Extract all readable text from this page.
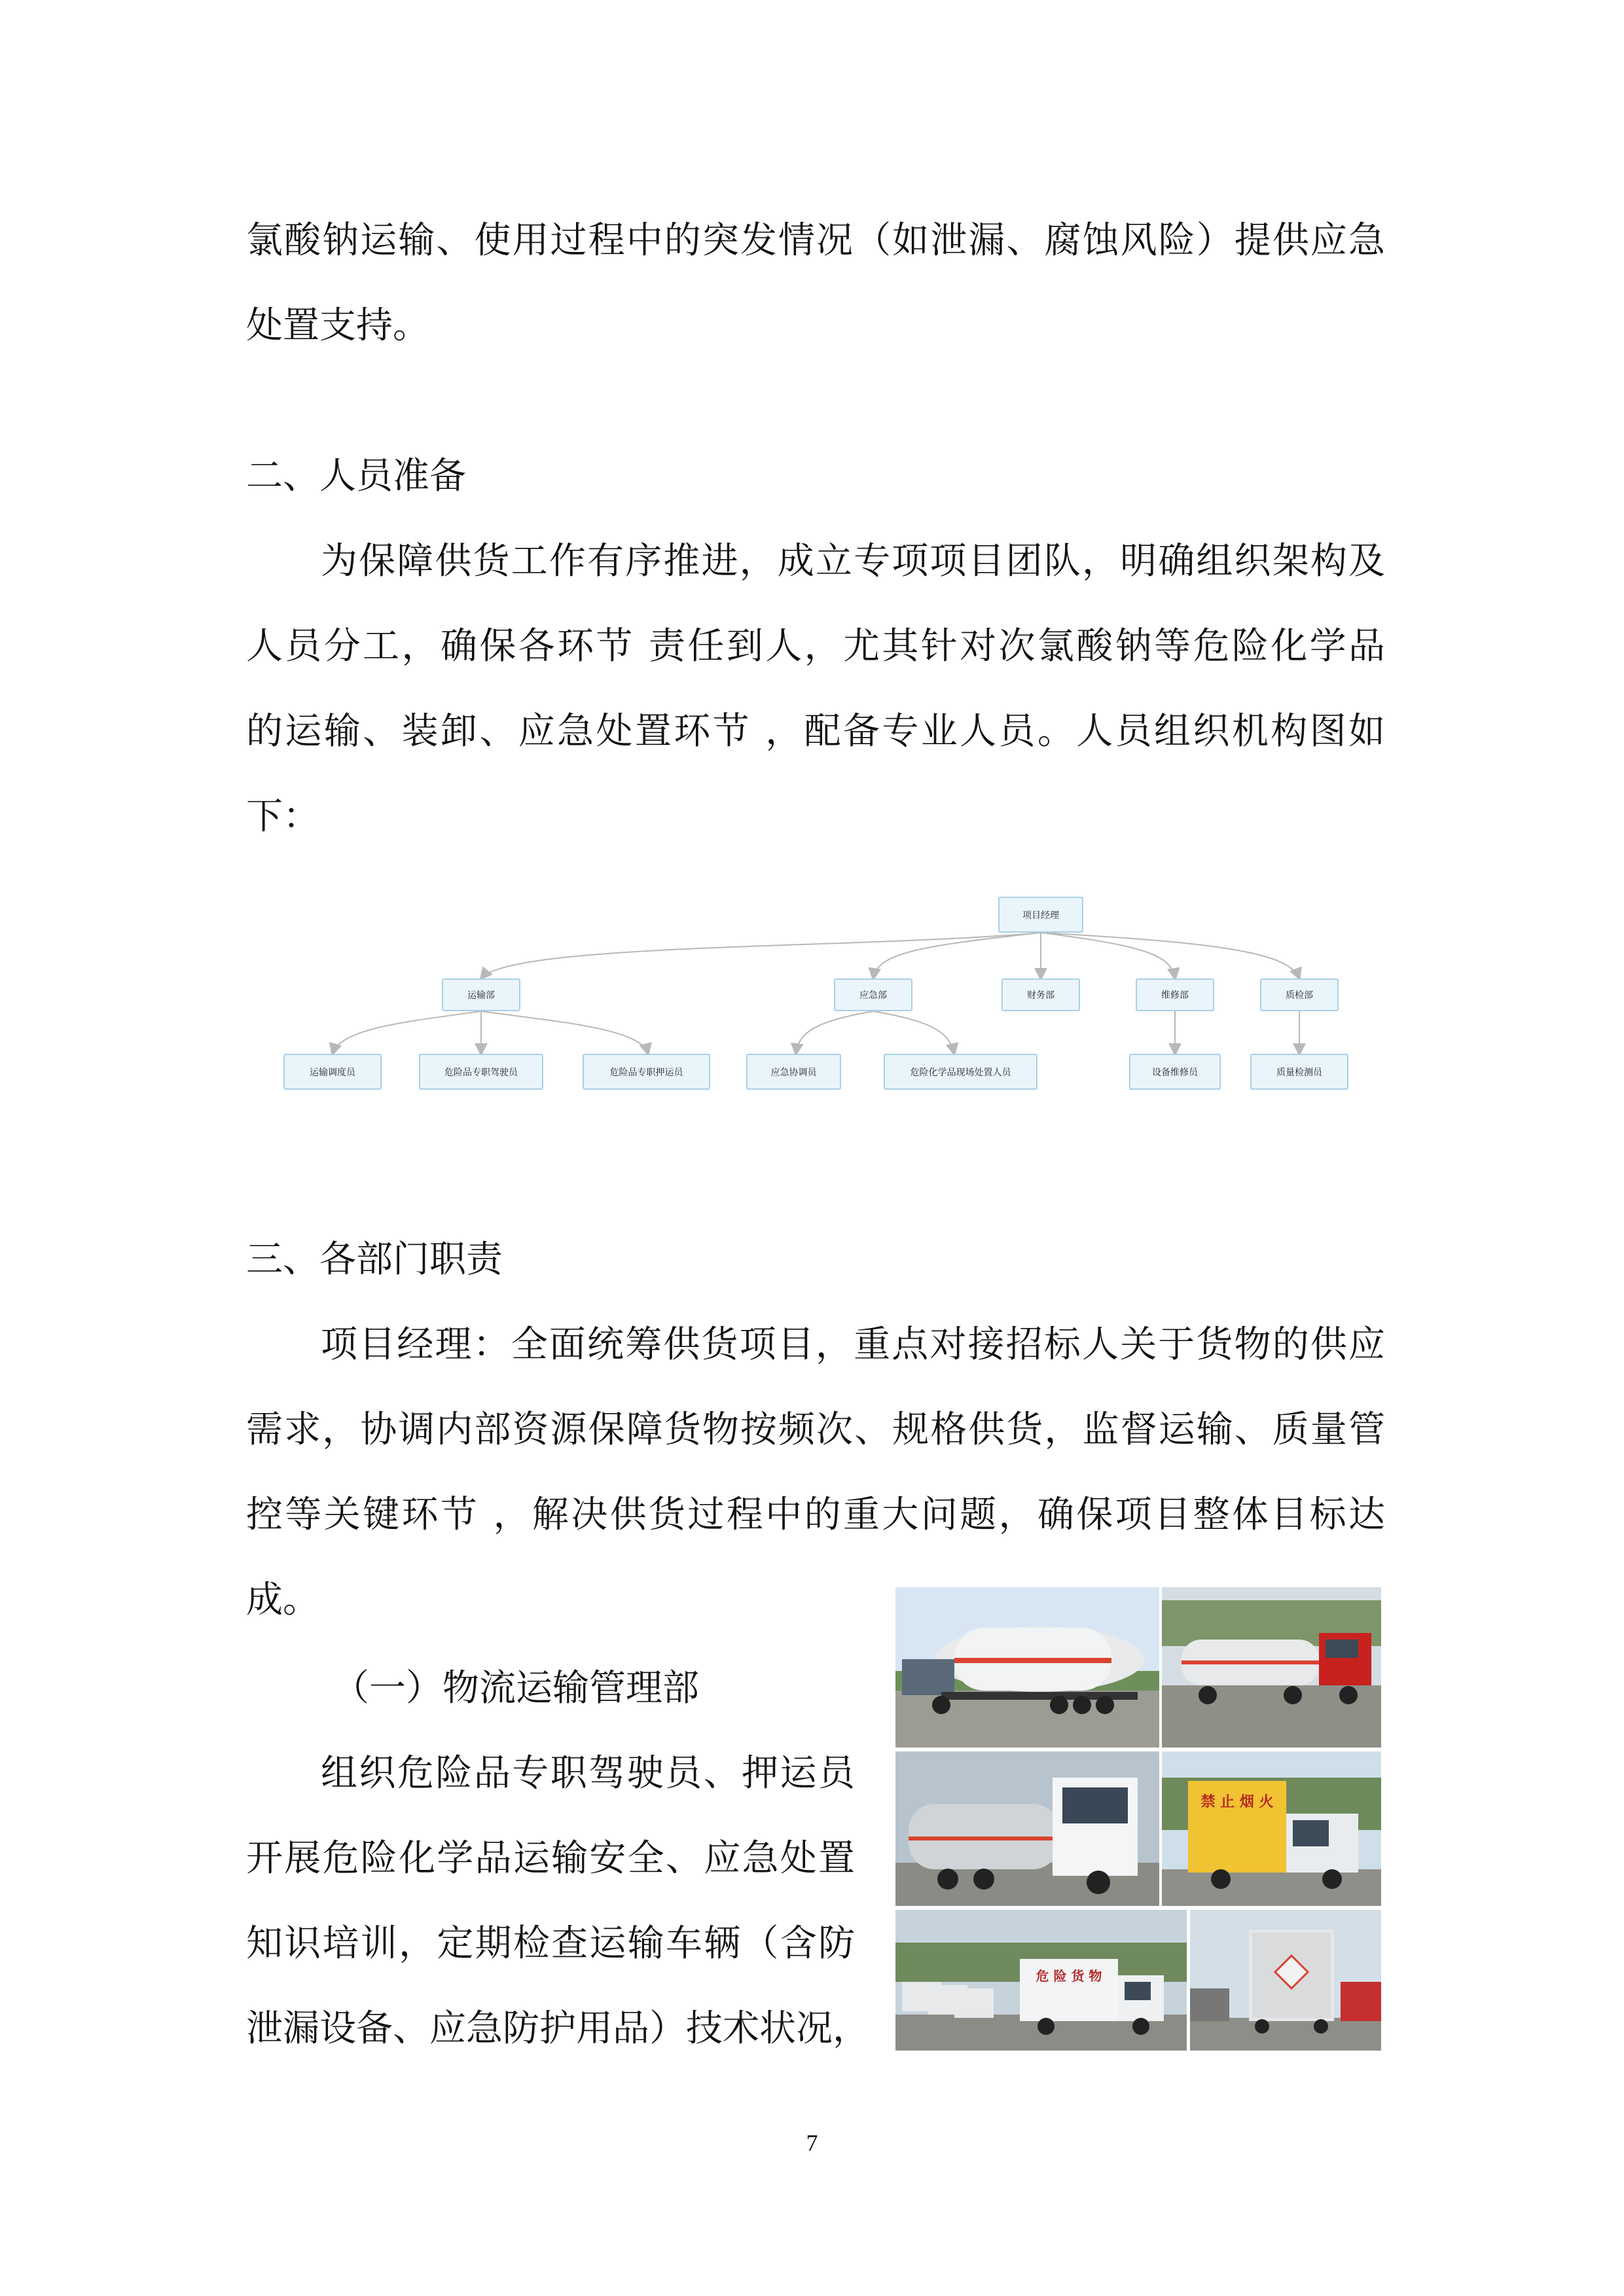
氯酸钠运输、使用过程中的突发情况（如泄漏、腐蚀风险）提供应急
处置支持。
二、人员准备
为保障供货工作有序推进，成立专项项目团队，明确组织架构及
人员分工，确保各环节 责任到人，尤其针对次氯酸钠等危险化学品
的运输、装卸、应急处置环节 ，配备专业人员。人员组织机构图如
下：
项目经理
运输部	应急部	财务部	维修部	质检部
运输调度员	危险品专职驾驶员	危险品专职押运员	应急协调员	危险化学品现场处置人员	设备维修员	质量检测员
三、各部门职责
项目经理：全面统筹供货项目，重点对接招标人关于货物的供应
需求，协调内部资源保障货物按频次、规格供货，监督运输、质量管
控等关键环节 ，解决供货过程中的重大问题，确保项目整体目标达
成。
（一）物流运输管理部
组织危险品专职驾驶员、押运员
开展危险化学品运输安全、应急处置
知识培训，定期检查运输车辆（含防
泄漏设备、应急防护用品）技术状况，
禁 止 烟 火
危 险 货 物
7
